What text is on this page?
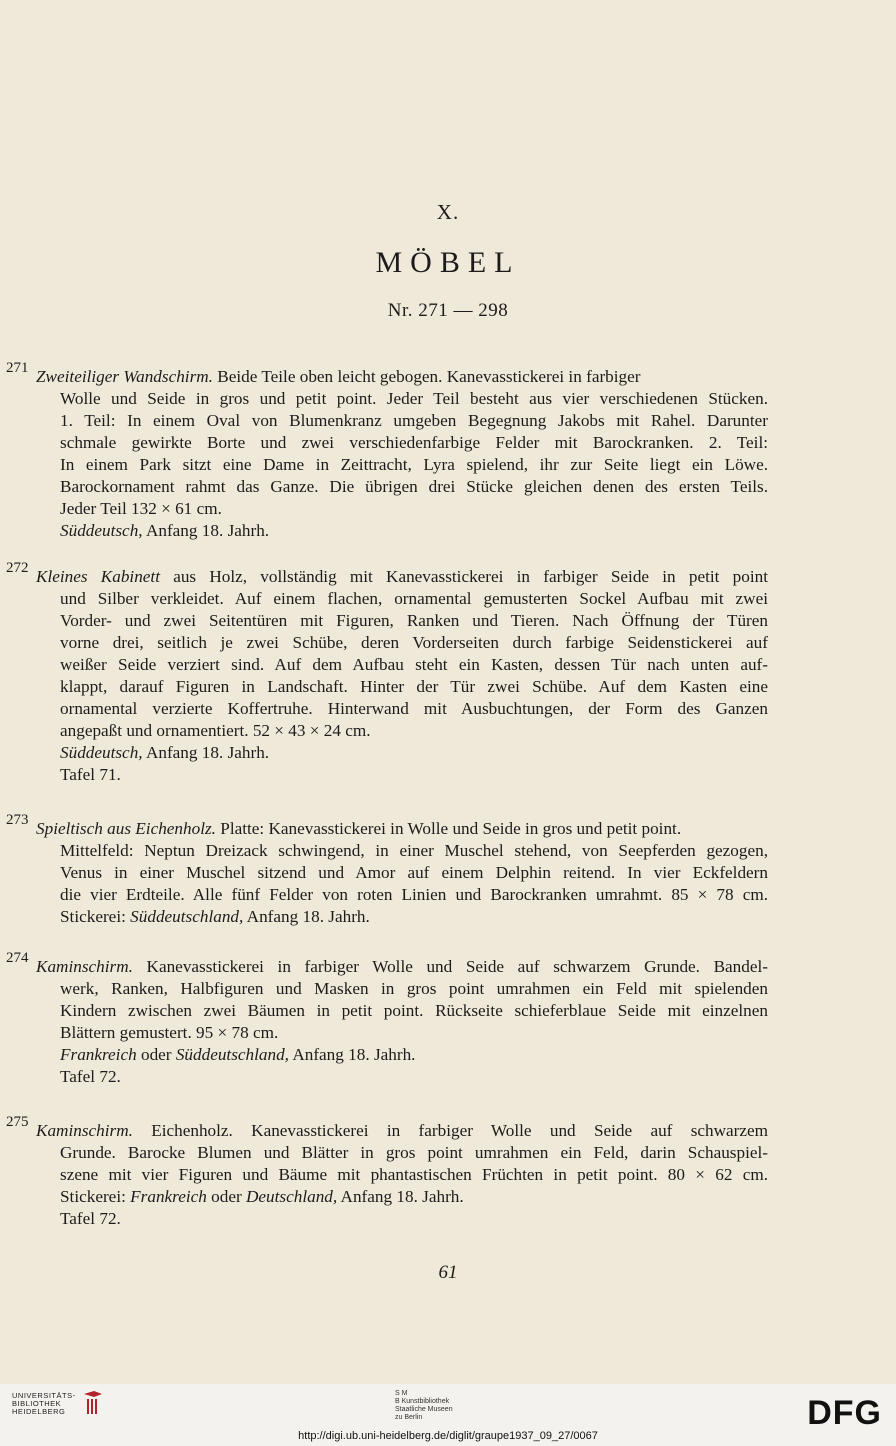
X.
MÖBEL
Nr. 271 — 298
271 Zweiteiliger Wandschirm. Beide Teile oben leicht gebogen. Kanevasstickerei in farbiger
Wolle und Seide in gros und petit point. Jeder Teil besteht aus vier verschiedenen Stücken.
1. Teil: In einem Oval von Blumenkranz umgeben Begegnung Jakobs mit Rahel. Darunter
schmale gewirkte Borte und zwei verschiedenfarbige Felder mit Barockranken. 2. Teil:
In einem Park sitzt eine Dame in Zeittracht, Lyra spielend, ihr zur Seite liegt ein Löwe.
Barockornament rahmt das Ganze. Die übrigen drei Stücke gleichen denen des ersten Teils.
Jeder Teil 132 × 61 cm.
Süddeutsch, Anfang 18. Jahrh.
272 Kleines Kabinett aus Holz, vollständig mit Kanevasstickerei in farbiger Seide in petit point
und Silber verkleidet. Auf einem flachen, ornamental gemusterten Sockel Aufbau mit zwei
Vorder- und zwei Seitentüren mit Figuren, Ranken und Tieren. Nach Öffnung der Türen
vorne drei, seitlich je zwei Schübe, deren Vorderseiten durch farbige Seidenstickerei auf
weißer Seide verziert sind. Auf dem Aufbau steht ein Kasten, dessen Tür nach unten auf-
klappt, darauf Figuren in Landschaft. Hinter der Tür zwei Schübe. Auf dem Kasten eine
ornamental verzierte Koffertruhe. Hinterwand mit Ausbuchtungen, der Form des Ganzen
angepaßt und ornamentiert. 52 × 43 × 24 cm.
Süddeutsch, Anfang 18. Jahrh.
Tafel 71.
273 Spieltisch aus Eichenholz. Platte: Kanevasstickerei in Wolle und Seide in gros und petit point.
Mittelfeld: Neptun Dreizack schwingend, in einer Muschel stehend, von Seepferden gezogen,
Venus in einer Muschel sitzend und Amor auf einem Delphin reitend. In vier Eckfeldern
die vier Erdteile. Alle fünf Felder von roten Linien und Barockranken umrahmt. 85 × 78 cm.
Stickerei: Süddeutschland, Anfang 18. Jahrh.
274 Kaminschirm. Kanevasstickerei in farbiger Wolle und Seide auf schwarzem Grunde. Bandel-
werk, Ranken, Halbfiguren und Masken in gros point umrahmen ein Feld mit spielenden
Kindern zwischen zwei Bäumen in petit point. Rückseite schieferblaue Seide mit einzelnen
Blättern gemustert. 95 × 78 cm.
Frankreich oder Süddeutschland, Anfang 18. Jahrh.
Tafel 72.
275 Kaminschirm. Eichenholz. Kanevasstickerei in farbiger Wolle und Seide auf schwarzem
Grunde. Barocke Blumen und Blätter in gros point umrahmen ein Feld, darin Schauspiel-
szene mit vier Figuren und Bäume mit phantastischen Früchten in petit point. 80 × 62 cm.
Stickerei: Frankreich oder Deutschland, Anfang 18. Jahrh.
Tafel 72.
61
UNIVERSITÄTS-
BIBLIOTHEK
HEIDELBERG
S M
B Kunstbibliothek
Staatliche Museen
zu Berlin	DFG
http://digi.ub.uni-heidelberg.de/diglit/graupe1937_09_27/0067
